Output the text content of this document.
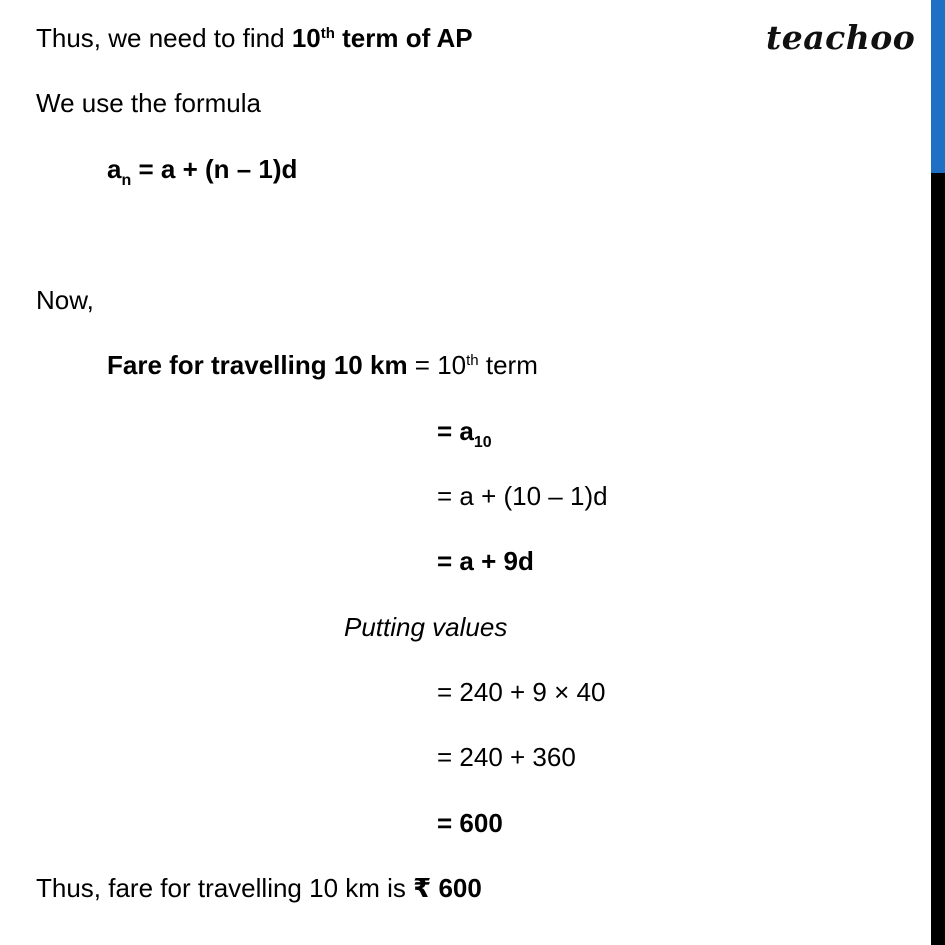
teachoo
Thus, we need to find 10th term of AP
We use the formula
$a_n = a + (n - 1)d$
Now,
Fare for travelling 10 km = 10th term
= $a_{10}$
= a + (10 – 1)d
= a + 9d
Putting values
= 240 + 9 × 40
= 240 + 360
= 600
Thus, fare for travelling 10 km is ₹ 600
